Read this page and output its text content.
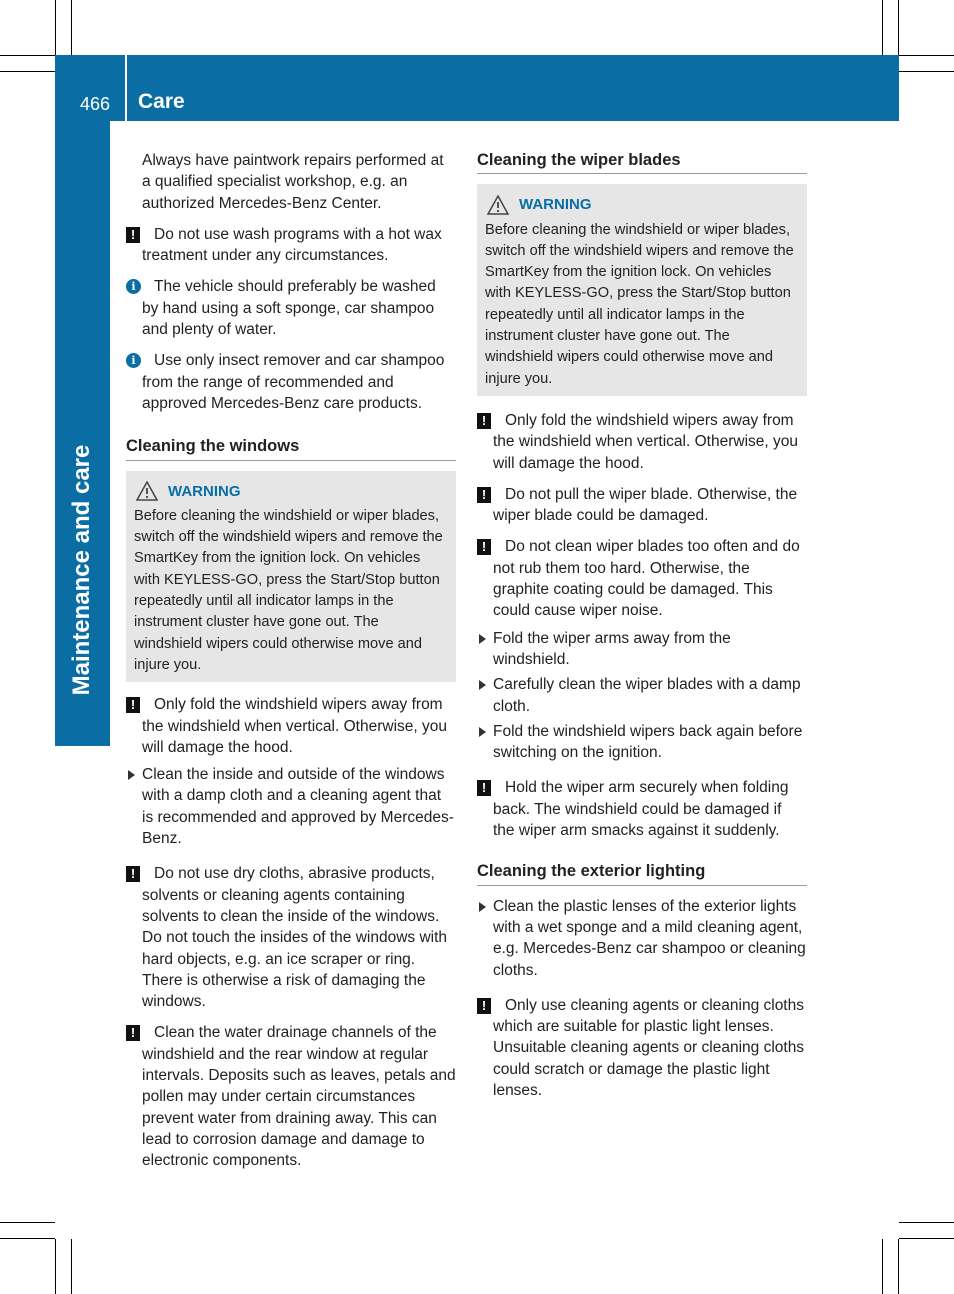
466 Care
Maintenance and care

Always have paintwork repairs performed at a qualified specialist workshop, e.g. an authorized Mercedes-Benz Center.

!	Do not use wash programs with a hot wax treatment under any circumstances.
i	The vehicle should preferably be washed by hand using a soft sponge, car shampoo and plenty of water.
i	Use only insect remover and car shampoo from the range of recommended and approved Mercedes-Benz care products.
Cleaning the windows
WARNING
Before cleaning the windshield or wiper blades, switch off the windshield wipers and remove the SmartKey from the ignition lock. On vehicles with KEYLESS-GO, press the Start/Stop button repeatedly until all indicator lamps in the instrument cluster have gone out. The windshield wipers could otherwise move and injure you.
!	Only fold the windshield wipers away from the windshield when vertical. Otherwise, you will damage the hood.
Clean the inside and outside of the windows with a damp cloth and a cleaning agent that is recommended and approved by Mercedes-Benz.
!	Do not use dry cloths, abrasive products, solvents or cleaning agents containing solvents to clean the inside of the windows. Do not touch the insides of the windows with hard objects, e.g. an ice scraper or ring. There is otherwise a risk of damaging the windows.
!	Clean the water drainage channels of the windshield and the rear window at regular intervals. Deposits such as leaves, petals and pollen may under certain circumstances prevent water from draining away. This can lead to corrosion damage and damage to electronic components.
Cleaning the wiper blades
WARNING
Before cleaning the windshield or wiper blades, switch off the windshield wipers and remove the SmartKey from the ignition lock. On vehicles with KEYLESS-GO, press the Start/Stop button repeatedly until all indicator lamps in the instrument cluster have gone out. The windshield wipers could otherwise move and injure you.
!	Only fold the windshield wipers away from the windshield when vertical. Otherwise, you will damage the hood.
!	Do not pull the wiper blade. Otherwise, the wiper blade could be damaged.
!	Do not clean wiper blades too often and do not rub them too hard. Otherwise, the graphite coating could be damaged. This could cause wiper noise.
Fold the wiper arms away from the windshield.
Carefully clean the wiper blades with a damp cloth.
Fold the windshield wipers back again before switching on the ignition.
!	Hold the wiper arm securely when folding back. The windshield could be damaged if the wiper arm smacks against it suddenly.
Cleaning the exterior lighting
Clean the plastic lenses of the exterior lights with a wet sponge and a mild cleaning agent, e.g. Mercedes-Benz car shampoo or cleaning cloths.
!	Only use cleaning agents or cleaning cloths which are suitable for plastic light lenses. Unsuitable cleaning agents or cleaning cloths could scratch or damage the plastic light lenses.
